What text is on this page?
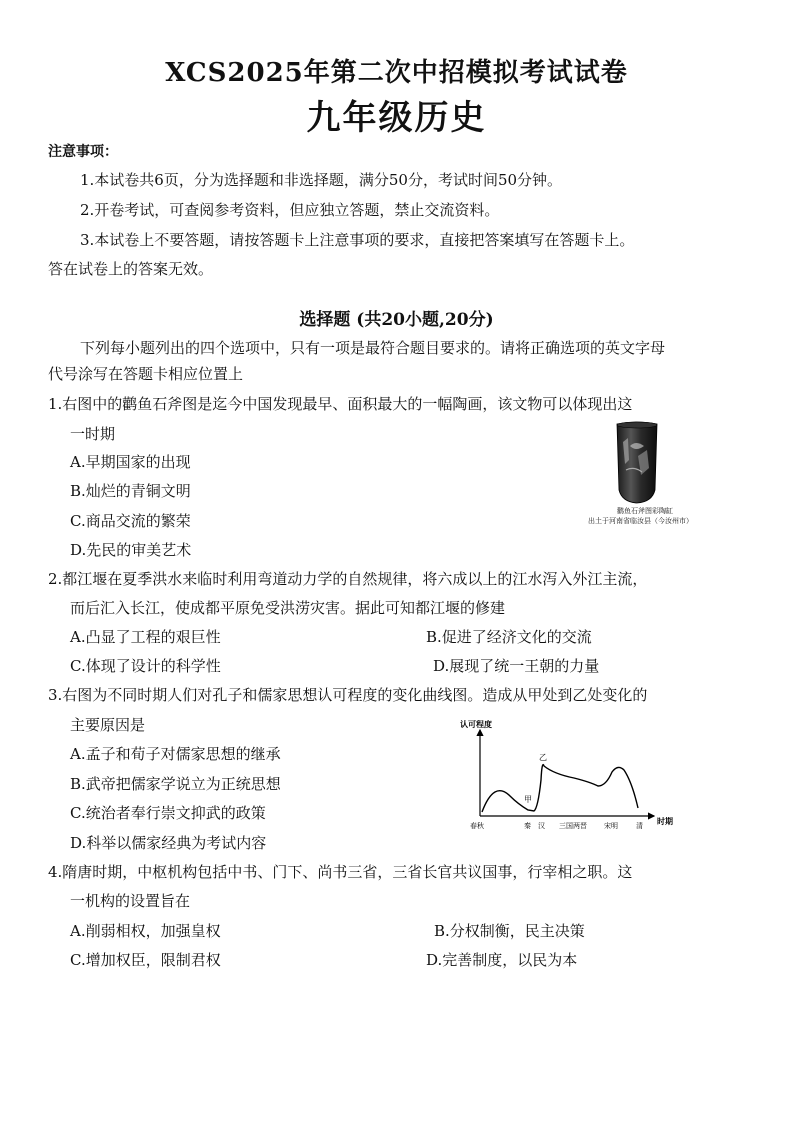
XCS2025年第二次中招模拟考试试卷
九年级历史
注意事项：
1.本试卷共6页，分为选择题和非选择题，满分50分，考试时间50分钟。
2.开卷考试，可查阅参考资料，但应独立答题，禁止交流资料。
3.本试卷上不要答题，请按答题卡上注意事项的要求，直接把答案填写在答题卡上。
答在试卷上的答案无效。
选择题 (共20小题,20分)
下列每小题列出的四个选项中，只有一项是最符合题目要求的。请将正确选项的英文字母
代号涂写在答题卡相应位置上
1.右图中的鹳鱼石斧图是迄今中国发现最早、面积最大的一幅陶画，该文物可以体现出这
一时期
A.早期国家的出现
B.灿烂的青铜文明
C.商品交流的繁荣
D.先民的审美艺术
鹳鱼石斧图彩陶缸
出土于河南省临汝县（今汝州市）
2.都江堰在夏季洪水来临时利用弯道动力学的自然规律，将六成以上的江水泻入外江主流，
而后汇入长江，使成都平原免受洪涝灾害。据此可知都江堰的修建
A.凸显了工程的艰巨性	B.促进了经济文化的交流
C.体现了设计的科学性	D.展现了统一王朝的力量
3.右图为不同时期人们对孔子和儒家思想认可程度的变化曲线图。造成从甲处到乙处变化的
主要原因是
A.孟子和荀子对儒家思想的继承
B.武帝把儒家学说立为正统思想
C.统治者奉行崇文抑武的政策
D.科举以儒家经典为考试内容
认可程度
时期
甲
乙
春秋	秦 汉 三国两晋 宋明	清
4.隋唐时期，中枢机构包括中书、门下、尚书三省，三省长官共议国事，行宰相之职。这
一机构的设置旨在
A.削弱相权，加强皇权	B.分权制衡，民主决策
C.增加权臣，限制君权	D.完善制度，以民为本
